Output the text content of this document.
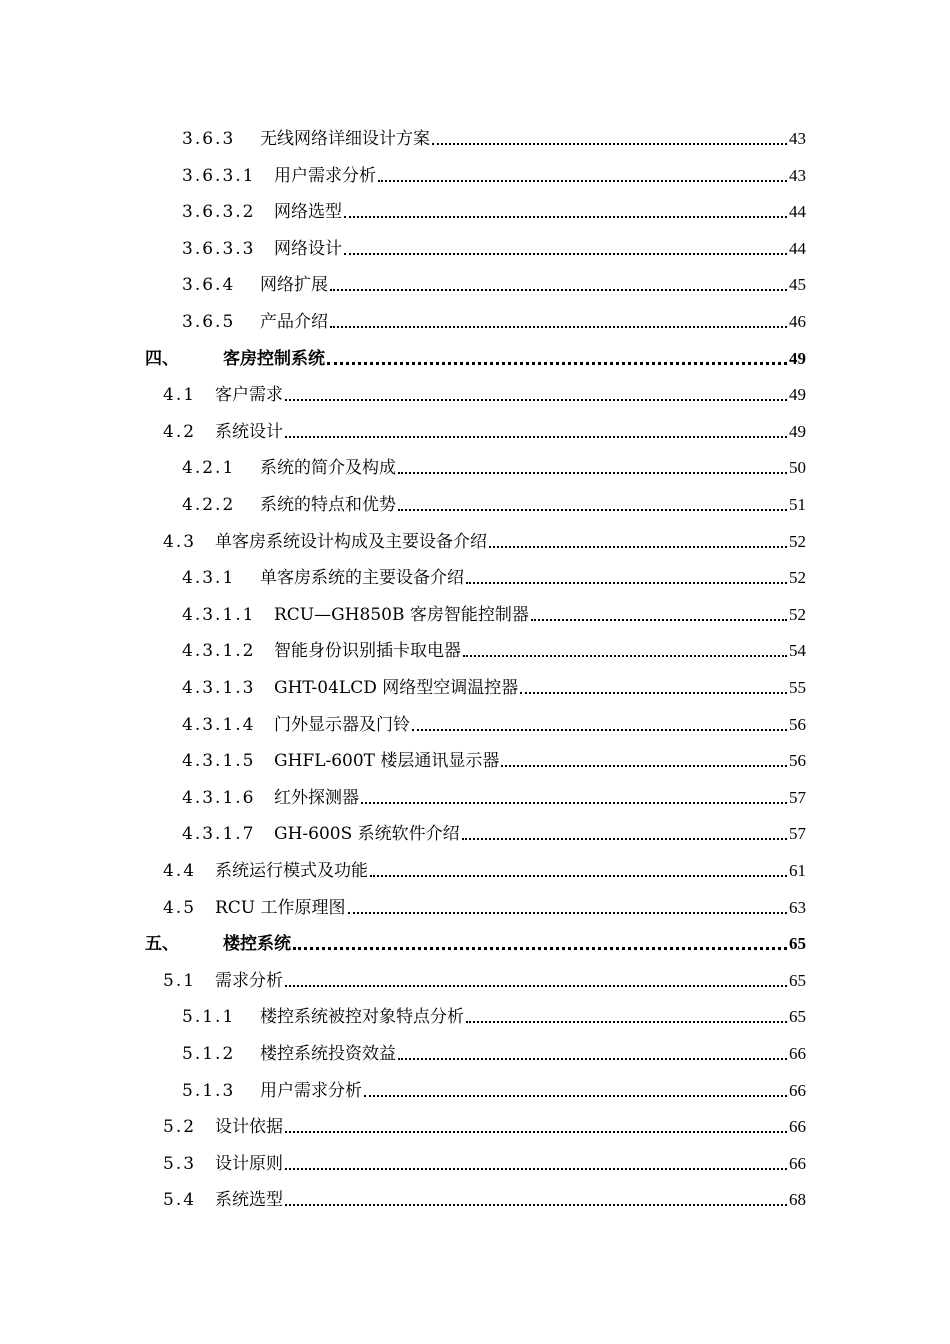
3.6.3	无线网络详细设计方案	43
3.6.3.1	用户需求分析	43
3.6.3.2	网络选型	44
3.6.3.3	网络设计	44
3.6.4	网络扩展	45
3.6.5	产品介绍	46
四、	客房控制系统	49
4.1	客户需求	49
4.2	系统设计	49
4.2.1	系统的简介及构成	50
4.2.2	系统的特点和优势	51
4.3	单客房系统设计构成及主要设备介绍	52
4.3.1	单客房系统的主要设备介绍	52
4.3.1.1	RCU—GH850B 客房智能控制器	52
4.3.1.2	智能身份识别插卡取电器	54
4.3.1.3	GHT-04LCD 网络型空调温控器	55
4.3.1.4	门外显示器及门铃	56
4.3.1.5	GHFL-600T 楼层通讯显示器	56
4.3.1.6	红外探测器	57
4.3.1.7	GH-600S 系统软件介绍	57
4.4	系统运行模式及功能	61
4.5	RCU 工作原理图	63
五、	楼控系统	65
5.1	需求分析	65
5.1.1	楼控系统被控对象特点分析	65
5.1.2	楼控系统投资效益	66
5.1.3	用户需求分析	66
5.2	设计依据	66
5.3	设计原则	66
5.4	系统选型	68
